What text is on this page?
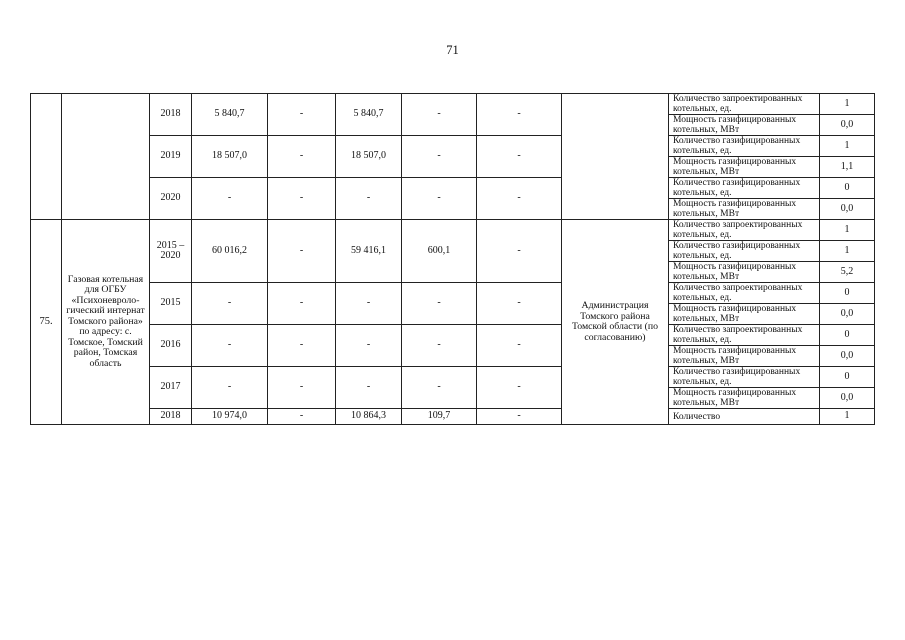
71
		2018	5 840,7	-	5 840,7	-	-		Количество запроектированных котельных, ед.	1
									Мощность газифицированных котельных, МВт	0,0
		2019	18 507,0	-	18 507,0	-	-		Количество газифицированных котельных, ед.	1
									Мощность газифицированных котельных, МВт	1,1
		2020	-	-	-	-	-		Количество газифицированных котельных, ед.	0
									Мощность газифицированных котельных, МВт	0,0
75.	Газовая котельная для ОГБУ «Психоневроло-гический интернат Томского района» по адресу: с. Томское, Томский район, Томская область	2015 – 2020	60 016,2	-	59 416,1	600,1	-	Администрация Томского района Томской области (по согласованию)	Количество запроектированных котельных, ед.	1
									Количество газифицированных котельных, ед.	1
									Мощность газифицированных котельных, МВт	5,2
		2015	-	-	-	-	-		Количество запроектированных котельных, ед.	0
									Мощность газифицированных котельных, МВт	0,0
		2016	-	-	-	-	-		Количество запроектированных котельных, ед.	0
									Мощность газифицированных котельных, МВт	0,0
		2017	-	-	-	-	-		Количество газифицированных котельных, ед.	0
									Мощность газифицированных котельных, МВт	0,0
		2018	10 974,0	-	10 864,3	109,7	-		Количество	1
